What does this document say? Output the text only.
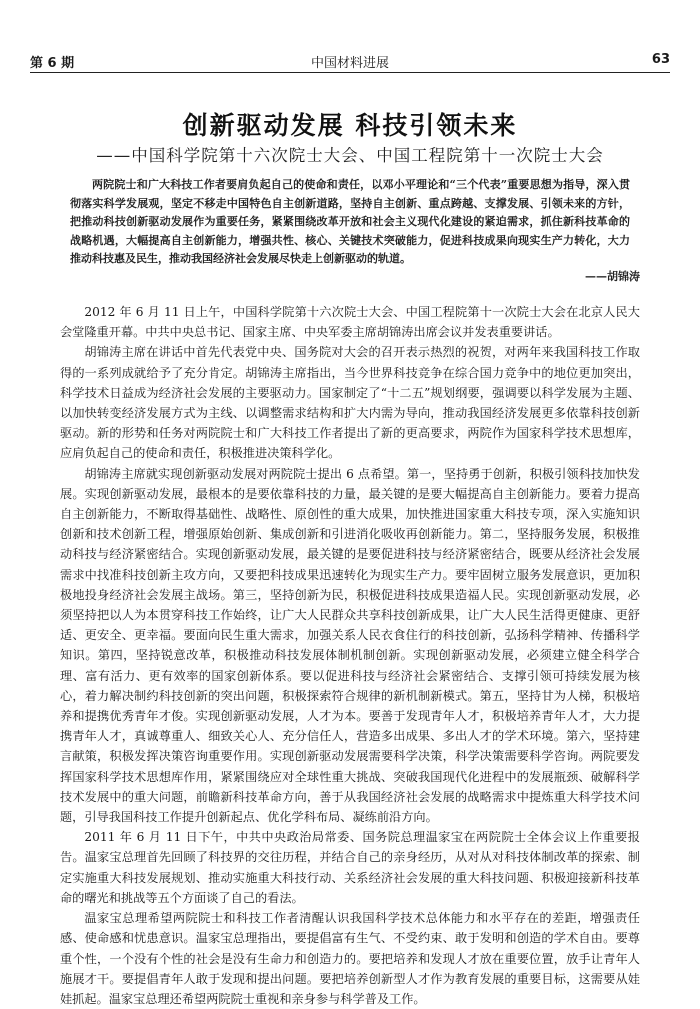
第 6 期	中国材料进展	63
创新驱动发展 科技引领未来
——中国科学院第十六次院士大会、中国工程院第十一次院士大会

两院院士和广大科技工作者要肩负起自己的使命和责任，以邓小平理论和“三个代表”重要思想为指导，深入贯彻落实科学发展观，坚定不移走中国特色自主创新道路，坚持自主创新、重点跨越、支撑发展、引领未来的方针，把推动科技创新驱动发展作为重要任务，紧紧围绕改革开放和社会主义现代化建设的紧迫需求，抓住新科技革命的战略机遇，大幅提高自主创新能力，增强共性、核心、关键技术突破能力，促进科技成果向现实生产力转化，大力推动科技惠及民生，推动我国经济社会发展尽快走上创新驱动的轨道。

——胡锦涛

2012 年 6 月 11 日上午，中国科学院第十六次院士大会、中国工程院第十一次院士大会在北京人民大会堂隆重开幕。中共中央总书记、国家主席、中央军委主席胡锦涛出席会议并发表重要讲话。

胡锦涛主席在讲话中首先代表党中央、国务院对大会的召开表示热烈的祝贺，对两年来我国科技工作取得的一系列成就给予了充分肯定。胡锦涛主席指出，当今世界科技竞争在综合国力竞争中的地位更加突出，科学技术日益成为经济社会发展的主要驱动力。国家制定了“十二五”规划纲要，强调要以科学发展为主题、以加快转变经济发展方式为主线、以调整需求结构和扩大内需为导向，推动我国经济发展更多依靠科技创新驱动。新的形势和任务对两院院士和广大科技工作者提出了新的更高要求，两院作为国家科学技术思想库，应肩负起自己的使命和责任，积极推进决策科学化。

胡锦涛主席就实现创新驱动发展对两院院士提出 6 点希望。第一，坚持勇于创新，积极引领科技加快发展。实现创新驱动发展，最根本的是要依靠科技的力量，最关键的是要大幅提高自主创新能力。要着力提高自主创新能力，不断取得基础性、战略性、原创性的重大成果，加快推进国家重大科技专项，深入实施知识创新和技术创新工程，增强原始创新、集成创新和引进消化吸收再创新能力。第二，坚持服务发展，积极推动科技与经济紧密结合。实现创新驱动发展，最关键的是要促进科技与经济紧密结合，既要从经济社会发展需求中找准科技创新主攻方向，又要把科技成果迅速转化为现实生产力。要牢固树立服务发展意识，更加积极地投身经济社会发展主战场。第三，坚持创新为民，积极促进科技成果造福人民。实现创新驱动发展，必须坚持把以人为本贯穿科技工作始终，让广大人民群众共享科技创新成果，让广大人民生活得更健康、更舒适、更安全、更幸福。要面向民生重大需求，加强关系人民衣食住行的科技创新，弘扬科学精神、传播科学知识。第四，坚持锐意改革，积极推动科技发展体制机制创新。实现创新驱动发展，必须建立健全科学合理、富有活力、更有效率的国家创新体系。要以促进科技与经济社会紧密结合、支撑引领可持续发展为核心，着力解决制约科技创新的突出问题，积极探索符合规律的新机制新模式。第五，坚持甘为人梯，积极培养和提携优秀青年才俊。实现创新驱动发展，人才为本。要善于发现青年人才，积极培养青年人才，大力提携青年人才，真诚尊重人、细致关心人、充分信任人，营造多出成果、多出人才的学术环境。第六，坚持建言献策，积极发挥决策咨询重要作用。实现创新驱动发展需要科学决策，科学决策需要科学咨询。两院要发挥国家科学技术思想库作用，紧紧围绕应对全球性重大挑战、突破我国现代化进程中的发展瓶颈、破解科学技术发展中的重大问题，前瞻新科技革命方向，善于从我国经济社会发展的战略需求中提炼重大科学技术问题，引导我国科技工作提升创新起点、优化学科布局、凝练前沿方向。

2011 年 6 月 11 日下午，中共中央政治局常委、国务院总理温家宝在两院院士全体会议上作重要报告。温家宝总理首先回顾了科技界的交往历程，并结合自己的亲身经历，从对从对科技体制改革的探索、制定实施重大科技发展规划、推动实施重大科技行动、关系经济社会发展的重大科技问题、积极迎接新科技革命的曙光和挑战等五个方面谈了自己的看法。

温家宝总理希望两院院士和科技工作者清醒认识我国科学技术总体能力和水平存在的差距，增强责任感、使命感和忧患意识。温家宝总理指出，要提倡富有生气、不受约束、敢于发明和创造的学术自由。要尊重个性，一个没有个性的社会是没有生命力和创造力的。要把培养和发现人才放在重要位置，放手让青年人施展才干。要提倡青年人敢于发现和提出问题。要把培养创新型人才作为教育发展的重要目标，这需要从娃娃抓起。温家宝总理还希望两院院士重视和亲身参与科学普及工作。
